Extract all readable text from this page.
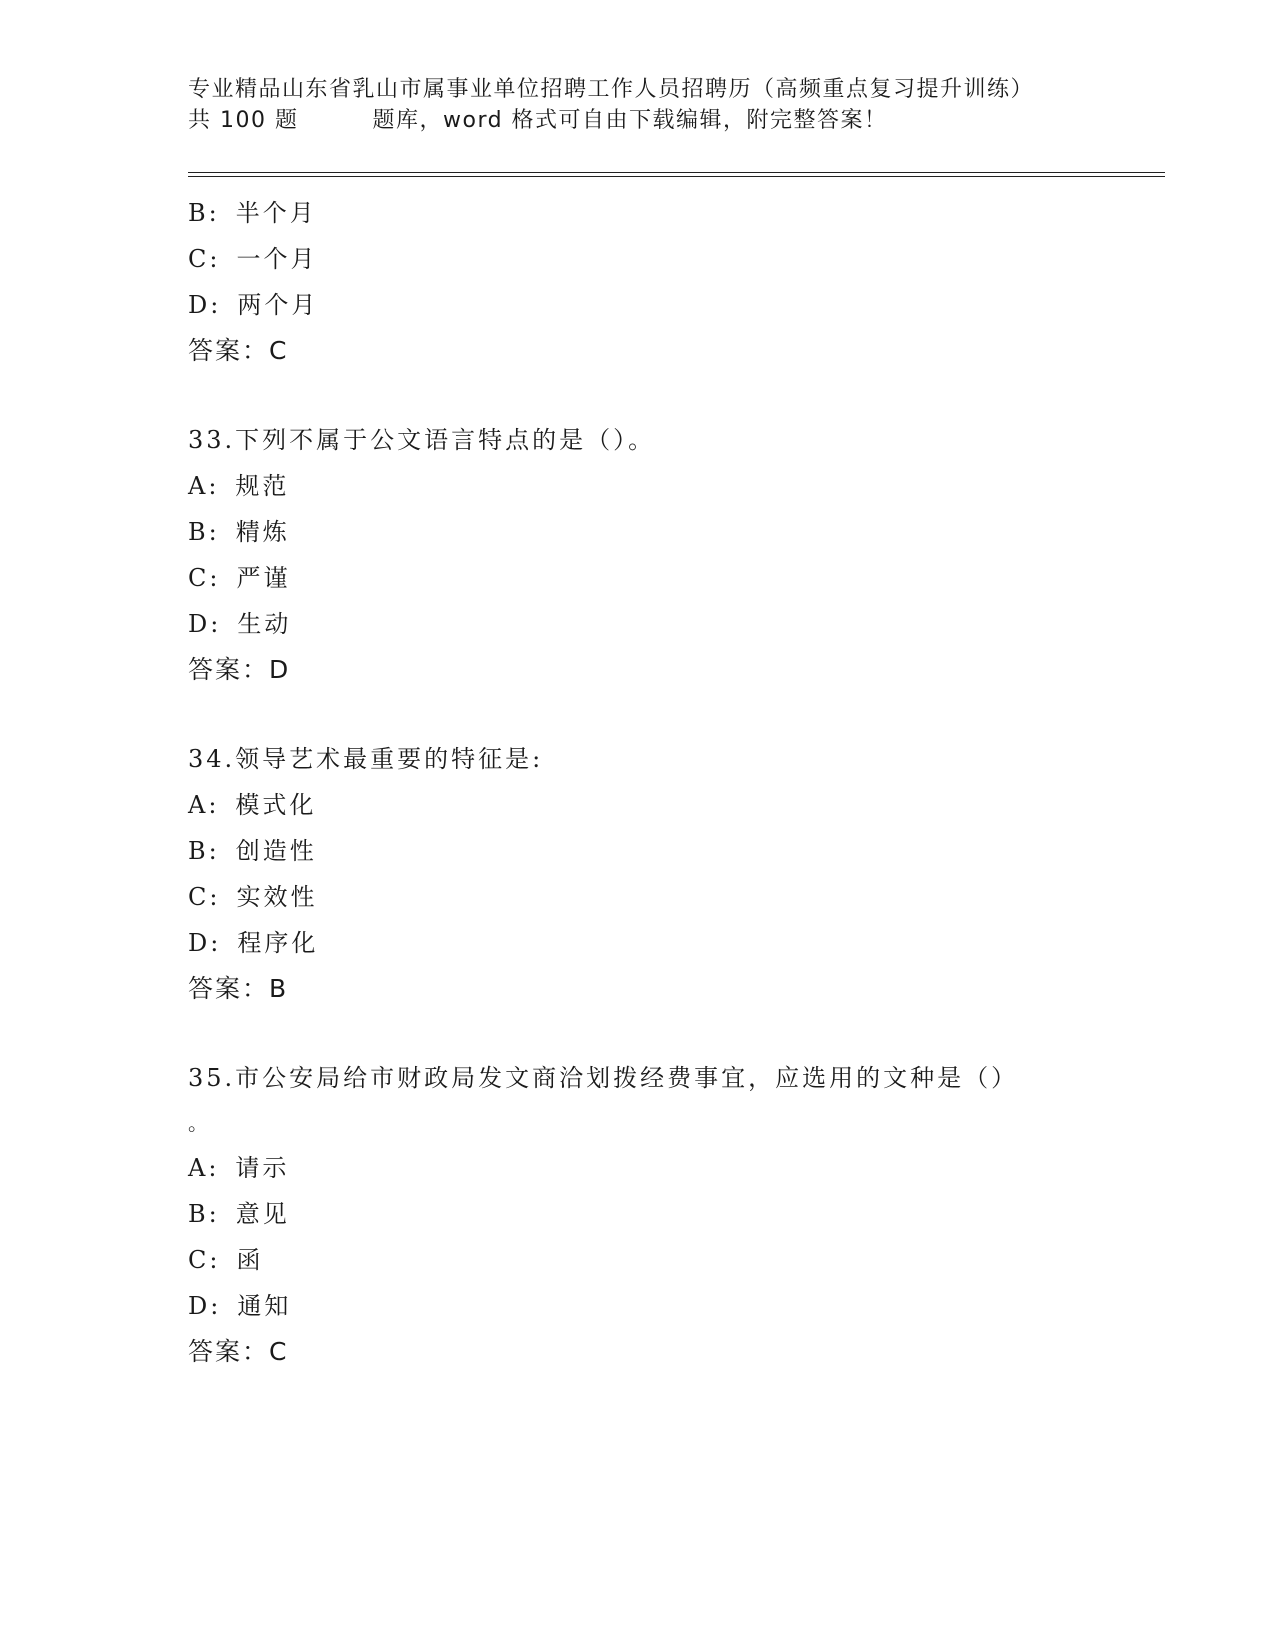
专业精品山东省乳山市属事业单位招聘工作人员招聘历（高频重点复习提升训练）
共 100 题	题库，word 格式可自由下载编辑，附完整答案！
B: 半个月
C: 一个月
D: 两个月
答案：C
33.下列不属于公文语言特点的是（）。
A: 规范
B: 精炼
C: 严谨
D: 生动
答案：D
34.领导艺术最重要的特征是:
A: 模式化
B: 创造性
C: 实效性
D: 程序化
答案：B
35.市公安局给市财政局发文商洽划拨经费事宜，应选用的文种是（）
。
A: 请示
B: 意见
C: 函
D: 通知
答案：C
